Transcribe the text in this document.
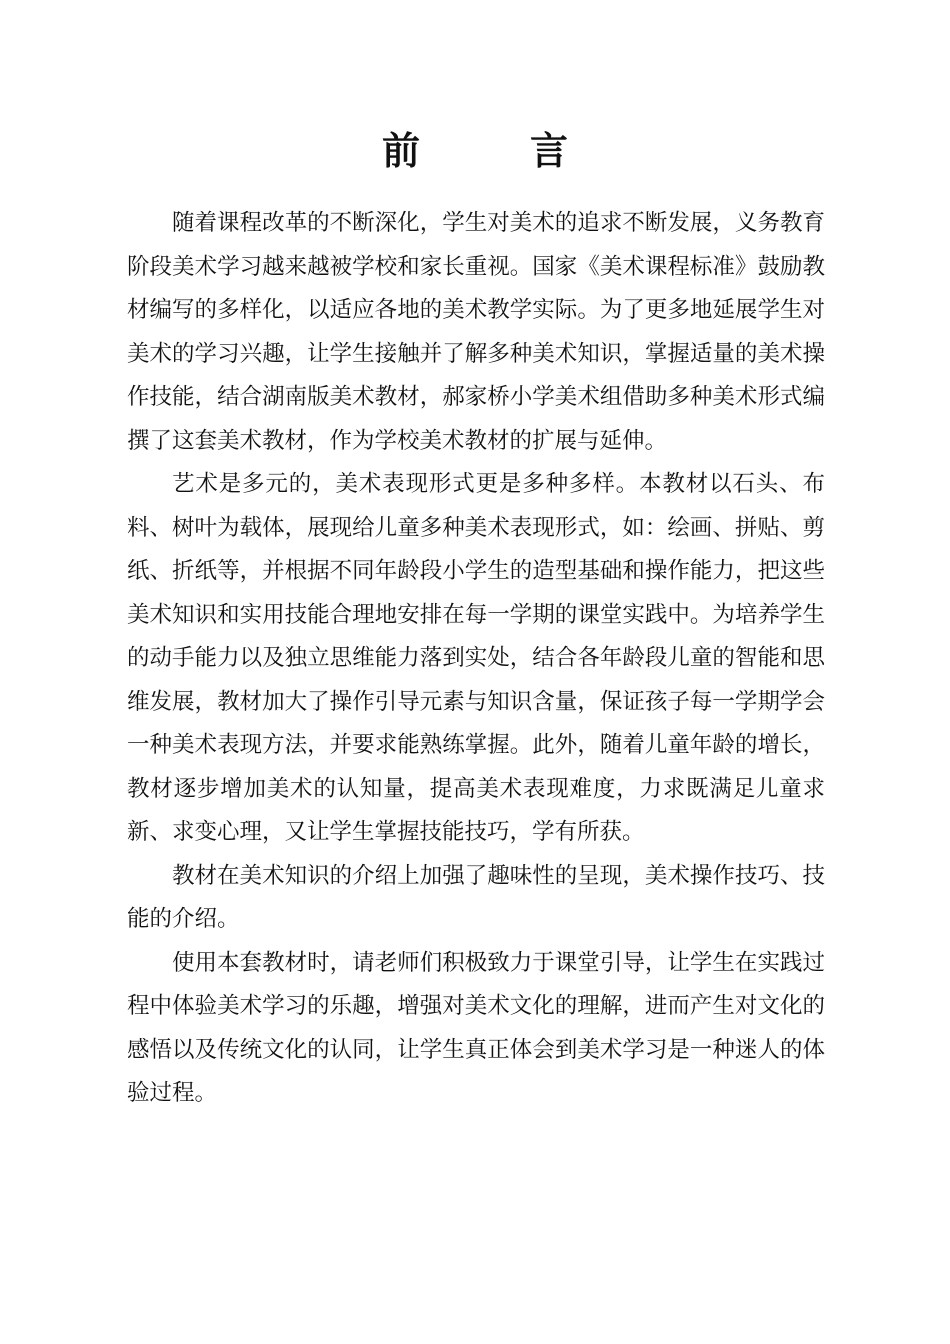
前　言

随着课程改革的不断深化，学生对美术的追求不断发展，义务教育阶段美术学习越来越被学校和家长重视。国家《美术课程标准》鼓励教材编写的多样化，以适应各地的美术教学实际。为了更多地延展学生对美术的学习兴趣，让学生接触并了解多种美术知识，掌握适量的美术操作技能，结合湖南版美术教材，郝家桥小学美术组借助多种美术形式编撰了这套美术教材，作为学校美术教材的扩展与延伸。

艺术是多元的，美术表现形式更是多种多样。本教材以石头、布料、树叶为载体，展现给儿童多种美术表现形式，如：绘画、拼贴、剪纸、折纸等，并根据不同年龄段小学生的造型基础和操作能力，把这些美术知识和实用技能合理地安排在每一学期的课堂实践中。为培养学生的动手能力以及独立思维能力落到实处，结合各年龄段儿童的智能和思维发展，教材加大了操作引导元素与知识含量，保证孩子每一学期学会一种美术表现方法，并要求能熟练掌握。此外，随着儿童年龄的增长，教材逐步增加美术的认知量，提高美术表现难度，力求既满足儿童求新、求变心理，又让学生掌握技能技巧，学有所获。

教材在美术知识的介绍上加强了趣味性的呈现，美术操作技巧、技能的介绍。

使用本套教材时，请老师们积极致力于课堂引导，让学生在实践过程中体验美术学习的乐趣，增强对美术文化的理解，进而产生对文化的感悟以及传统文化的认同，让学生真正体会到美术学习是一种迷人的体验过程。
